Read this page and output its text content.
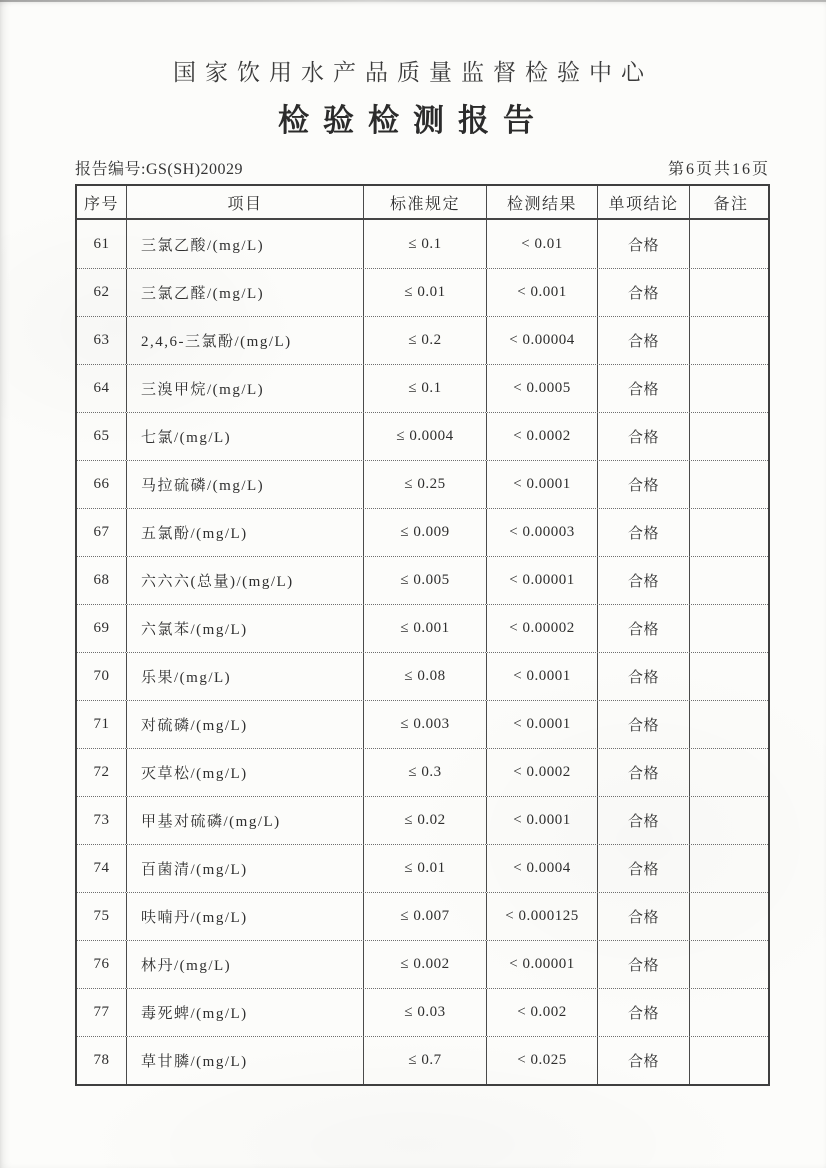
国家饮用水产品质量监督检验中心
检验检测报告
报告编号:GS(SH)20029	第6页共16页
序号	项目	标准规定	检测结果	单项结论	备注
61	三氯乙酸/(mg/L)	≤ 0.1	< 0.01	合格
62	三氯乙醛/(mg/L)	≤ 0.01	< 0.001	合格
63	2,4,6-三氯酚/(mg/L)	≤ 0.2	< 0.00004	合格
64	三溴甲烷/(mg/L)	≤ 0.1	< 0.0005	合格
65	七氯/(mg/L)	≤ 0.0004	< 0.0002	合格
66	马拉硫磷/(mg/L)	≤ 0.25	< 0.0001	合格
67	五氯酚/(mg/L)	≤ 0.009	< 0.00003	合格
68	六六六(总量)/(mg/L)	≤ 0.005	< 0.00001	合格
69	六氯苯/(mg/L)	≤ 0.001	< 0.00002	合格
70	乐果/(mg/L)	≤ 0.08	< 0.0001	合格
71	对硫磷/(mg/L)	≤ 0.003	< 0.0001	合格
72	灭草松/(mg/L)	≤ 0.3	< 0.0002	合格
73	甲基对硫磷/(mg/L)	≤ 0.02	< 0.0001	合格
74	百菌清/(mg/L)	≤ 0.01	< 0.0004	合格
75	呋喃丹/(mg/L)	≤ 0.007	< 0.000125	合格
76	林丹/(mg/L)	≤ 0.002	< 0.00001	合格
77	毒死蜱/(mg/L)	≤ 0.03	< 0.002	合格
78	草甘膦/(mg/L)	≤ 0.7	< 0.025	合格
